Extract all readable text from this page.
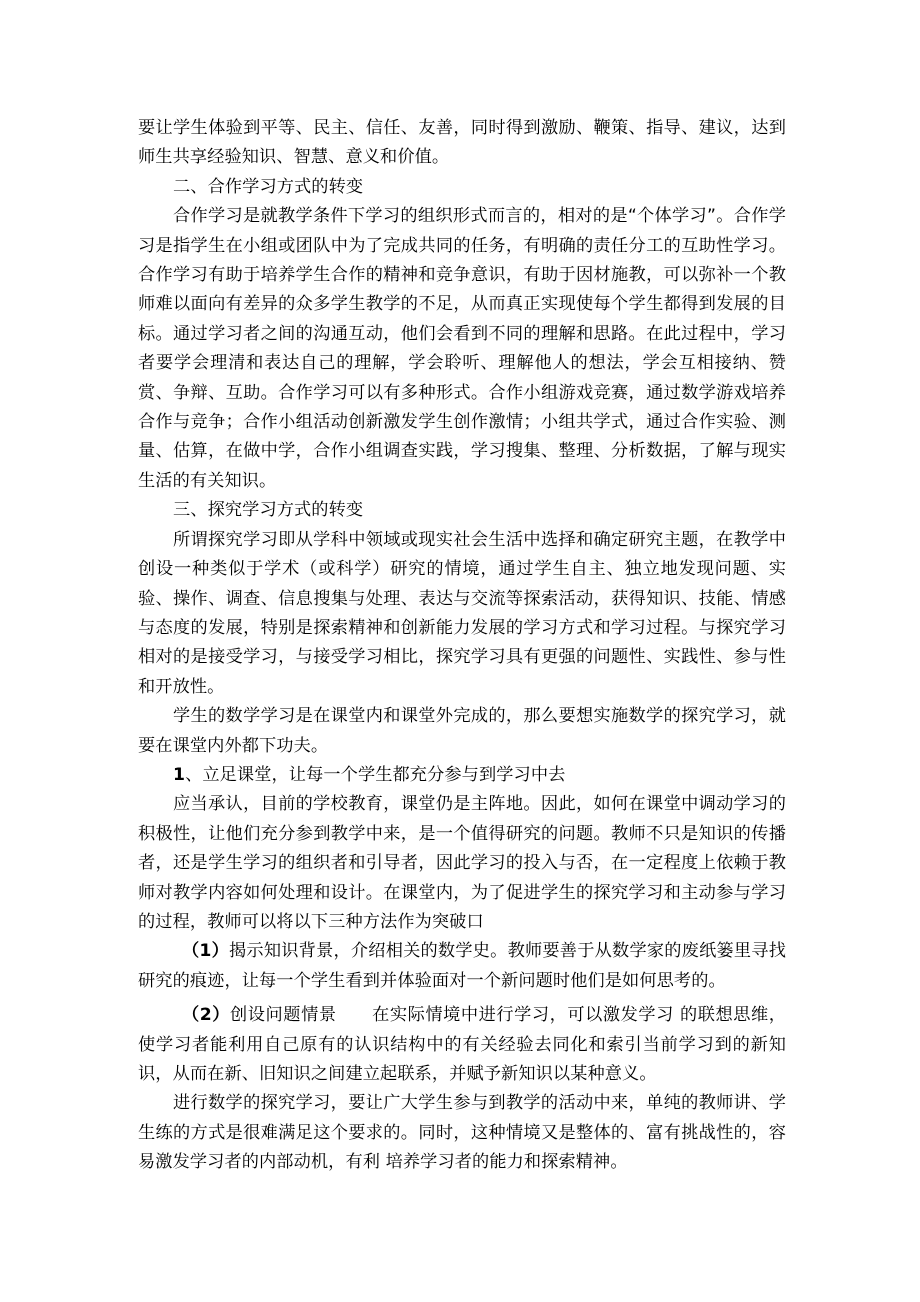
要让学生体验到平等、民主、信任、友善，同时得到激励、鞭策、指导、建议，达到师生共享经验知识、智慧、意义和价值。

二、合作学习方式的转变

合作学习是就教学条件下学习的组织形式而言的，相对的是“个体学习”。合作学习是指学生在小组或团队中为了完成共同的任务，有明确的责任分工的互助性学习。合作学习有助于培养学生合作的精神和竞争意识，有助于因材施教，可以弥补一个教师难以面向有差异的众多学生教学的不足，从而真正实现使每个学生都得到发展的目标。通过学习者之间的沟通互动，他们会看到不同的理解和思路。在此过程中，学习者要学会理清和表达自己的理解，学会聆听、理解他人的想法，学会互相接纳、赞赏、争辩、互助。合作学习可以有多种形式。合作小组游戏竞赛，通过数学游戏培养合作与竞争；合作小组活动创新激发学生创作激情；小组共学式，通过合作实验、测量、估算，在做中学，合作小组调查实践，学习搜集、整理、分析数据，了解与现实生活的有关知识。

三、探究学习方式的转变

所谓探究学习即从学科中领域或现实社会生活中选择和确定研究主题，在教学中创设一种类似于学术（或科学）研究的情境，通过学生自主、独立地发现问题、实验、操作、调查、信息搜集与处理、表达与交流等探索活动，获得知识、技能、情感与态度的发展，特别是探索精神和创新能力发展的学习方式和学习过程。与探究学习相对的是接受学习，与接受学习相比，探究学习具有更强的问题性、实践性、参与性和开放性。

学生的数学学习是在课堂内和课堂外完成的，那么要想实施数学的探究学习，就要在课堂内外都下功夫。

1、立足课堂，让每一个学生都充分参与到学习中去

应当承认，目前的学校教育，课堂仍是主阵地。因此，如何在课堂中调动学习的积极性，让他们充分参到教学中来，是一个值得研究的问题。教师不只是知识的传播者，还是学生学习的组织者和引导者，因此学习的投入与否，在一定程度上依赖于教师对教学内容如何处理和设计。在课堂内，为了促进学生的探究学习和主动参与学习的过程，教师可以将以下三种方法作为突破口

（1）揭示知识背景，介绍相关的数学史。教师要善于从数学家的废纸篓里寻找研究的痕迹，让每一个学生看到并体验面对一个新问题时他们是如何思考的。

（2）创设问题情景　　在实际情境中进行学习，可以激发学习 的联想思维，使学习者能利用自己原有的认识结构中的有关经验去同化和索引当前学习到的新知识，从而在新、旧知识之间建立起联系，并赋予新知识以某种意义。

进行数学的探究学习，要让广大学生参与到教学的活动中来，单纯的教师讲、学生练的方式是很难满足这个要求的。同时，这种情境又是整体的、富有挑战性的，容易激发学习者的内部动机，有利 培养学习者的能力和探索精神。
